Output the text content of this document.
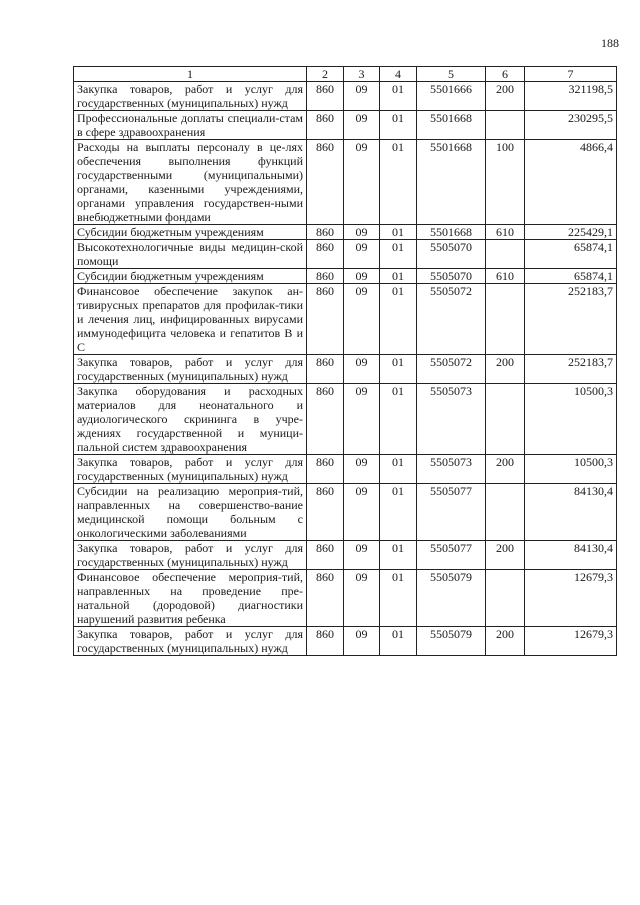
188
1	2	3	4	5	6	7
Закупка товаров, работ и услуг для государственных (муниципальных) нужд	860	09	01	5501666	200	321198,5
Профессиональные доплаты специали-стам в сфере здравоохранения	860	09	01	5501668		230295,5
Расходы на выплаты персоналу в це-лях обеспечения выполнения функций государственными (муниципальными) органами, казенными учреждениями, органами управления государствен-ными внебюджетными фондами	860	09	01	5501668	100	4866,4
Субсидии бюджетным учреждениям	860	09	01	5501668	610	225429,1
Высокотехнологичные виды медицин-ской помощи	860	09	01	5505070		65874,1
Субсидии бюджетным учреждениям	860	09	01	5505070	610	65874,1
Финансовое обеспечение закупок ан-тивирусных препаратов для профилак-тики и лечения лиц, инфицированных вирусами иммунодефицита человека и гепатитов В и С	860	09	01	5505072		252183,7
Закупка товаров, работ и услуг для государственных (муниципальных) нужд	860	09	01	5505072	200	252183,7
Закупка оборудования и расходных материалов для неонатального и аудиологического скрининга в учре-ждениях государственной и муници-пальной систем здравоохранения	860	09	01	5505073		10500,3
Закупка товаров, работ и услуг для государственных (муниципальных) нужд	860	09	01	5505073	200	10500,3
Субсидии на реализацию мероприя-тий, направленных на совершенство-вание медицинской помощи больным с онкологическими заболеваниями	860	09	01	5505077		84130,4
Закупка товаров, работ и услуг для государственных (муниципальных) нужд	860	09	01	5505077	200	84130,4
Финансовое обеспечение мероприя-тий, направленных на проведение пре-натальной (дородовой) диагностики нарушений развития ребенка	860	09	01	5505079		12679,3
Закупка товаров, работ и услуг для государственных (муниципальных) нужд	860	09	01	5505079	200	12679,3
